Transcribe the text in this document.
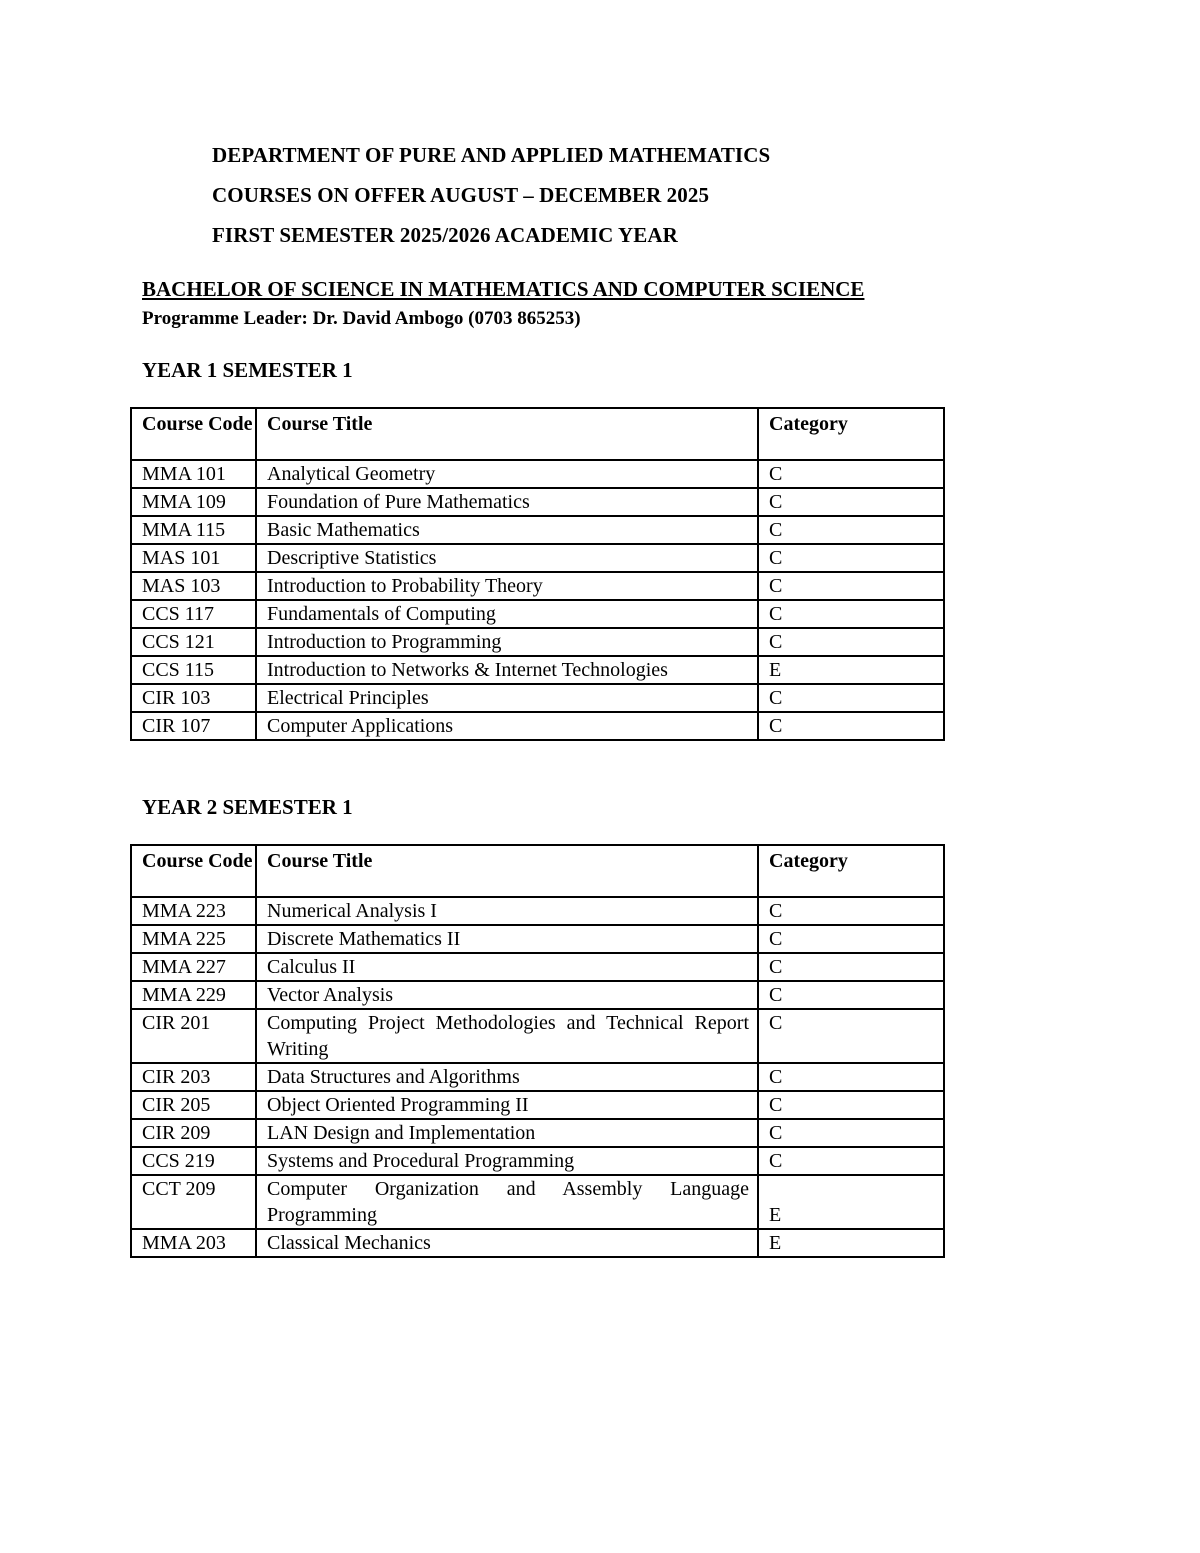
DEPARTMENT OF PURE AND APPLIED MATHEMATICS
COURSES ON OFFER AUGUST – DECEMBER 2025
FIRST SEMESTER 2025/2026 ACADEMIC YEAR
BACHELOR OF SCIENCE IN MATHEMATICS AND COMPUTER SCIENCE
Programme Leader: Dr. David Ambogo (0703 865253)
YEAR 1 SEMESTER 1
Course Code	Course Title	Category
MMA 101	Analytical Geometry	C
MMA 109	Foundation of Pure Mathematics	C
MMA 115	Basic Mathematics	C
MAS 101	Descriptive Statistics	C
MAS 103	Introduction to Probability Theory	C
CCS 117	Fundamentals of Computing	C
CCS 121	Introduction to Programming	C
CCS 115	Introduction to Networks & Internet Technologies	E
CIR 103	Electrical Principles	C
CIR 107	Computer Applications	C
YEAR 2 SEMESTER 1
Course Code	Course Title	Category
MMA 223	Numerical Analysis I	C
MMA 225	Discrete Mathematics II	C
MMA 227	Calculus II	C
MMA 229	Vector Analysis	C
CIR 201	Computing Project Methodologies and Technical Report Writing	C
CIR 203	Data Structures and Algorithms	C
CIR 205	Object Oriented Programming II	C
CIR 209	LAN Design and Implementation	C
CCS 219	Systems and Procedural Programming	C
CCT 209	Computer Organization and Assembly Language Programming	E
MMA 203	Classical Mechanics	E
